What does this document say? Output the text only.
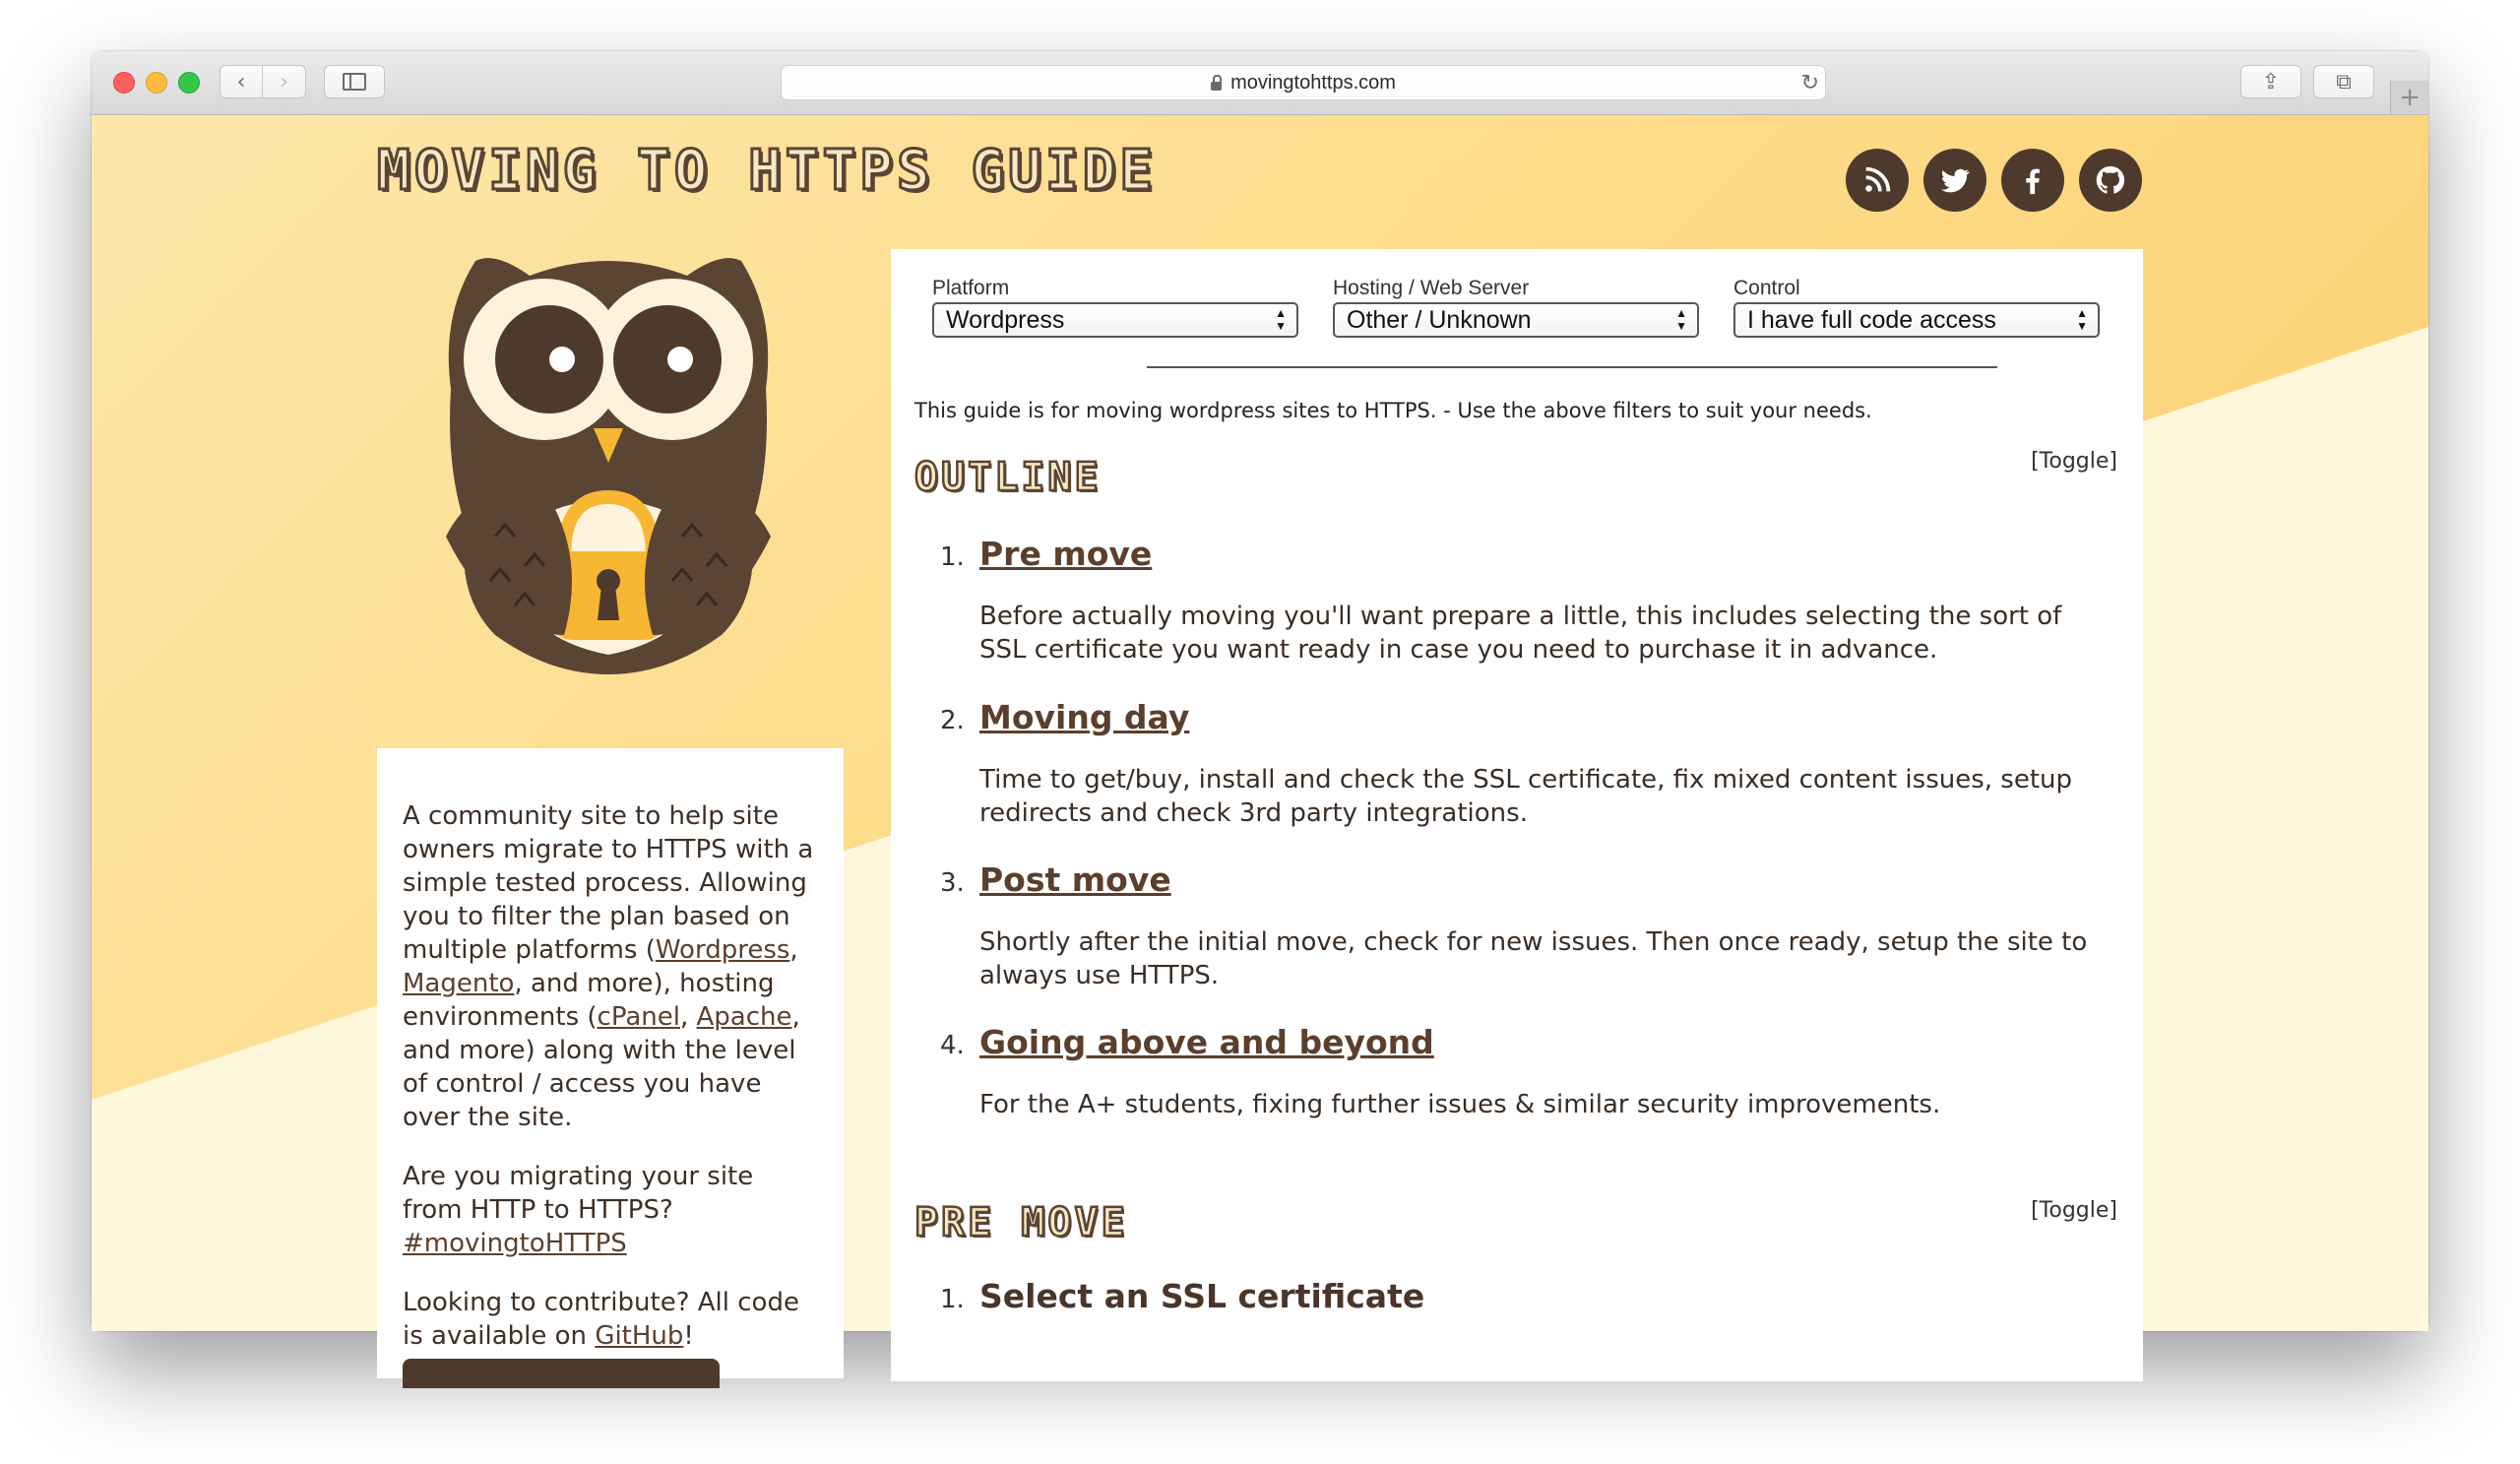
‹ ›	movingtohttps.com	↻	⇪	⧉
+
MOVING TO HTTPS GUIDE

A community site to help site owners migrate to HTTPS with a simple tested process. Allowing you to filter the plan based on multiple platforms (Wordpress, Magento, and more), hosting environments (cPanel, Apache, and more) along with the level of control / access you have over the site.

Are you migrating your site from HTTP to HTTPS?
#movingtoHTTPS

Looking to contribute? All code is available on GitHub!

Platform
Wordpress	▲
▼
Hosting / Web Server
Other / Unknown	▲
▼
Control
I have full code access	▲
▼
This guide is for moving wordpress sites to HTTPS. - Use the above filters to suit your needs.
[Toggle]
OUTLINE
1. Pre move
Before actually moving you'll want prepare a little, this includes selecting the sort of SSL certificate you want ready in case you need to purchase it in advance.
2. Moving day
Time to get/buy, install and check the SSL certificate, fix mixed content issues, setup redirects and check 3rd party integrations.
3. Post move
Shortly after the initial move, check for new issues. Then once ready, setup the site to always use HTTPS.
4. Going above and beyond
For the A+ students, fixing further issues & similar security improvements.
[Toggle]
PRE MOVE
1. Select an SSL certificate
